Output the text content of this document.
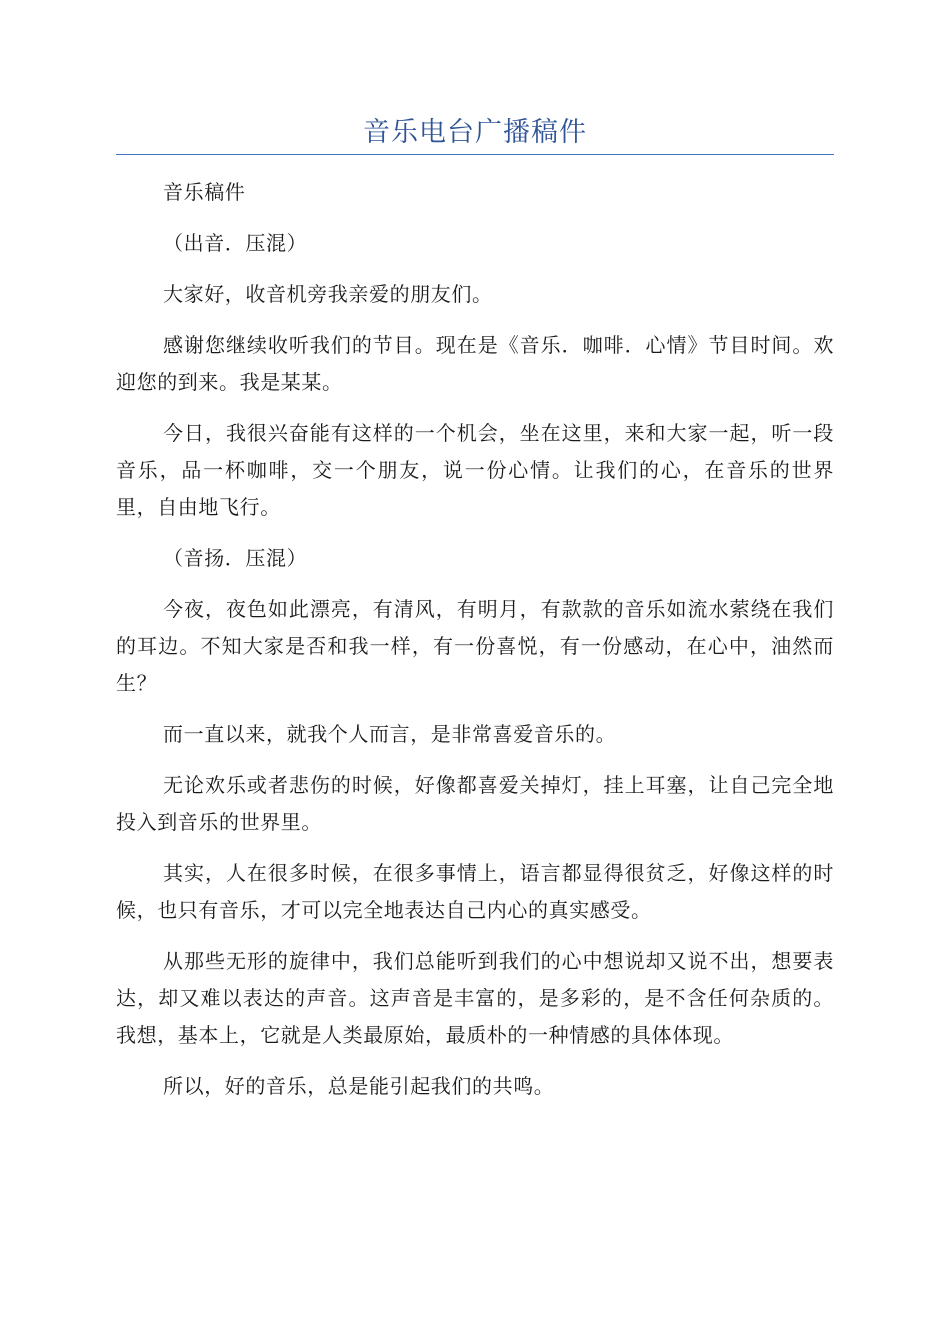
音乐电台广播稿件

音乐稿件

（出音．压混）

大家好，收音机旁我亲爱的朋友们。

感谢您继续收听我们的节目。现在是《音乐．咖啡．心情》节目时间。欢迎您的到来。我是某某。

今日，我很兴奋能有这样的一个机会，坐在这里，来和大家一起，听一段音乐，品一杯咖啡，交一个朋友，说一份心情。让我们的心，在音乐的世界里，自由地飞行。

（音扬．压混）

今夜，夜色如此漂亮，有清风，有明月，有款款的音乐如流水萦绕在我们的耳边。不知大家是否和我一样，有一份喜悦，有一份感动，在心中，油然而生？

而一直以来，就我个人而言，是非常喜爱音乐的。

无论欢乐或者悲伤的时候，好像都喜爱关掉灯，挂上耳塞，让自己完全地投入到音乐的世界里。

其实，人在很多时候，在很多事情上，语言都显得很贫乏，好像这样的时候，也只有音乐，才可以完全地表达自己内心的真实感受。

从那些无形的旋律中，我们总能听到我们的心中想说却又说不出，想要表达，却又难以表达的声音。这声音是丰富的，是多彩的，是不含任何杂质的。我想，基本上，它就是人类最原始，最质朴的一种情感的具体体现。

所以，好的音乐，总是能引起我们的共鸣。
